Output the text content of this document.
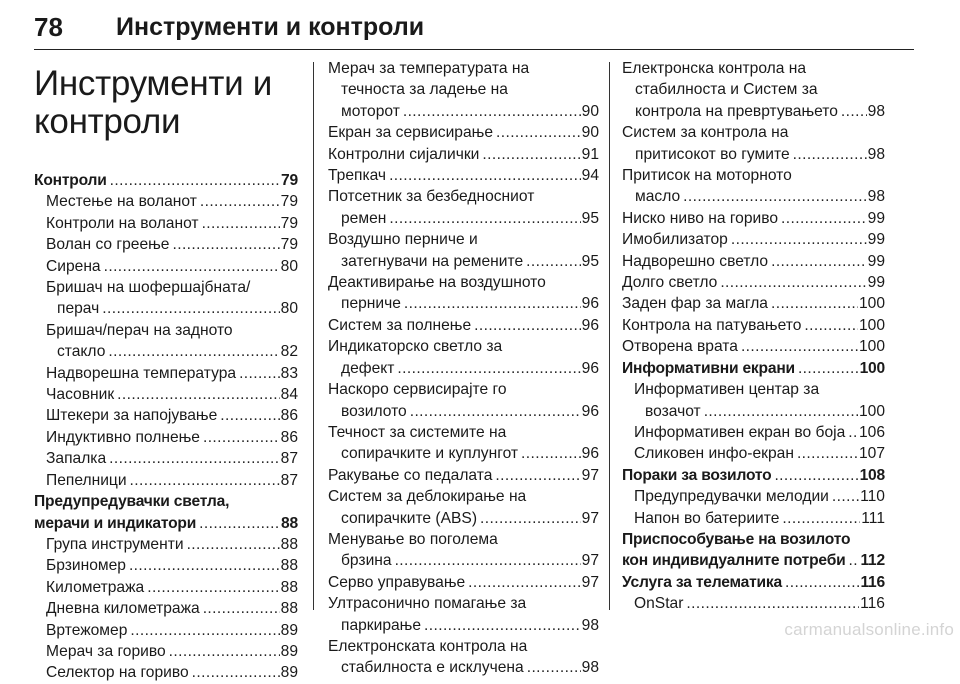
78 Инструменти и контроли
Инструменти и
контроли
Контроли .....	79
Местење на воланот .....	79
Контроли на воланот .....	79
Волан со греење .....	79
Сирена .....	80
Бришач на шофершајбната/
перач .....	80
Бришач/перач на задното
стакло .....	82
Надворешна температура .....	83
Часовник .....	84
Штекери за напојување .....	86
Индуктивно полнење .....	86
Запалка .....	87
Пепелници .....	87
Предупредувачки светла,
мерачи и индикатори .....	88
Група инструменти .....	88
Брзиномер .....	88
Километража .....	88
Дневна километража .....	88
Вртежомер .....	89
Мерач за гориво .....	89
Селектор на гориво .....	89
Мерач за температурата на
течноста за ладење на
моторот .....	90
Екран за сервисирање .....	90
Контролни сијалички .....	91
Трепкач .....	94
Потсетник за безбедносниот
ремен .....	95
Воздушно перниче и
затегнувачи на ремените .....	95
Деактивирање на воздушното
перниче .....	96
Систем за полнење .....	96
Индикаторско светло за
дефект .....	96
Наскоро сервисирајте го
возилото .....	96
Течност за системите на
сопирачките и куплунгот .....	96
Ракување со педалата .....	97
Систем за деблокирање на
сопирачките (ABS) .....	97
Менување во поголема
брзина .....	97
Серво управување .....	97
Ултрасонично помагање за
паркирање .....	98
Електронската контрола на
стабилноста е исклучена .....	98
Електронска контрола на
стабилноста и Систем за
контрола на превртувањето ..... 98
Систем за контрола на
притисокот во гумите .....	98
Притисок на моторното
масло .....	98
Ниско ниво на гориво .....	99
Имобилизатор .....	99
Надворешно светло .....	99
Долго светло .....	99
Заден фар за магла .....	100
Контрола на патувањето .....	100
Отворена врата .....	100
Информативни екрани .....	100
Информативен центар за
возачот .....	100
Информативен екран во боја ..... 106
Сликовен инфо-екран .....	107
Пораки за возилото .....	108
Предупредувачки мелодии ..... 110
Напон во батериите .....	111
Приспособување на возилото
кон индивидуалните потреби ..... 112
Услуга за телематика .....	116
OnStar .....	116
carmanualsonline.info
